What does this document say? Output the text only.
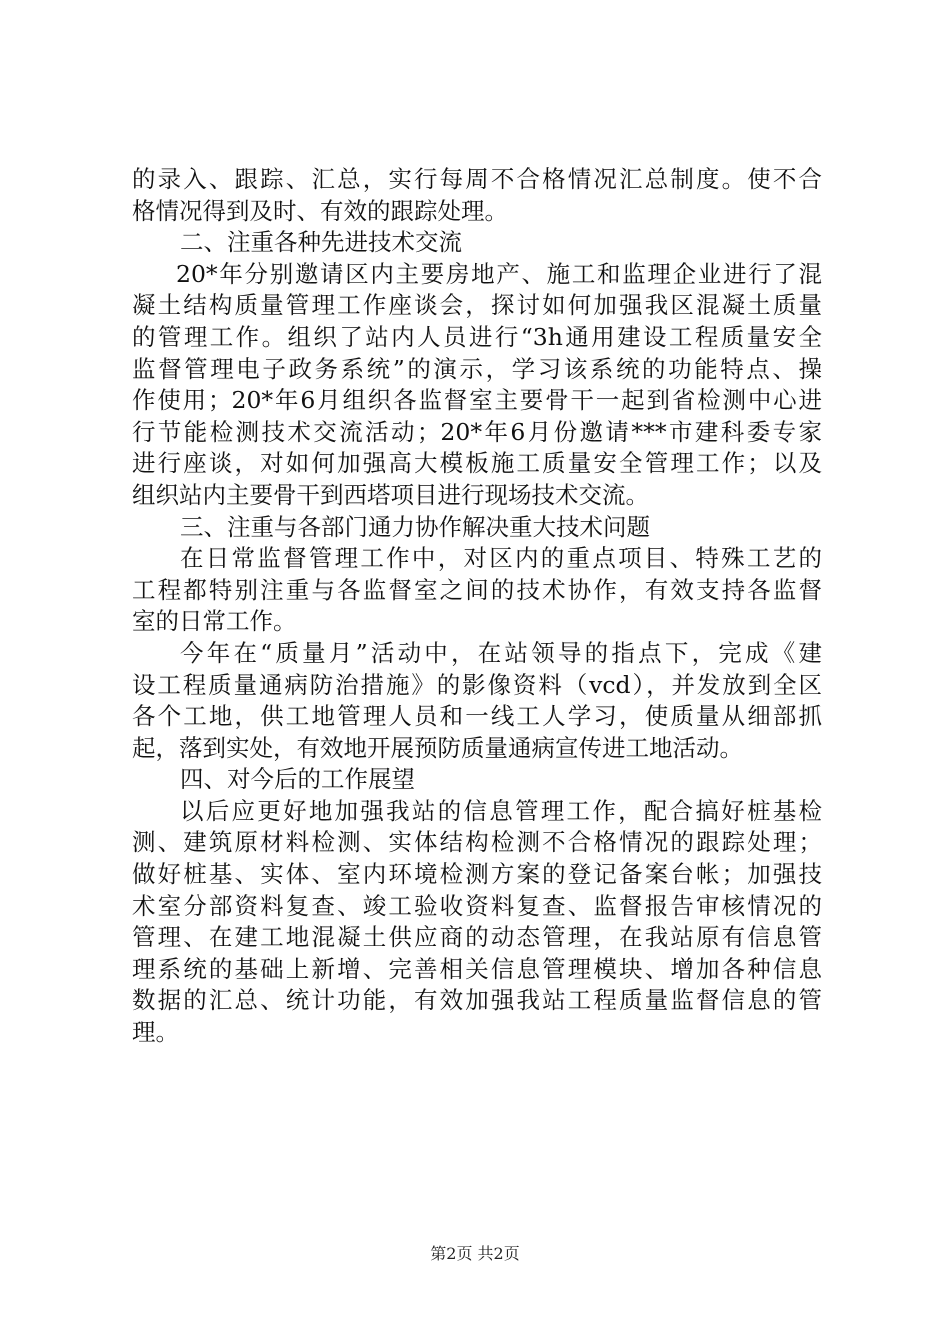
的录入、跟踪、汇总，实行每周不合格情况汇总制度。使不合
格情况得到及时、有效的跟踪处理。
二、注重各种先进技术交流
20*年分别邀请区内主要房地产、施工和监理企业进行了混
凝土结构质量管理工作座谈会，探讨如何加强我区混凝土质量
的管理工作。组织了站内人员进行“3h通用建设工程质量安全
监督管理电子政务系统”的演示，学习该系统的功能特点、操
作使用；20*年6月组织各监督室主要骨干一起到省检测中心进
行节能检测技术交流活动；20*年6月份邀请***市建科委专家
进行座谈，对如何加强高大模板施工质量安全管理工作；以及
组织站内主要骨干到西塔项目进行现场技术交流。
三、注重与各部门通力协作解决重大技术问题
在日常监督管理工作中，对区内的重点项目、特殊工艺的
工程都特别注重与各监督室之间的技术协作，有效支持各监督
室的日常工作。
今年在“质量月”活动中，在站领导的指点下，完成《建
设工程质量通病防治措施》的影像资料（vcd），并发放到全区
各个工地，供工地管理人员和一线工人学习，使质量从细部抓
起，落到实处，有效地开展预防质量通病宣传进工地活动。
四、对今后的工作展望
以后应更好地加强我站的信息管理工作，配合搞好桩基检
测、建筑原材料检测、实体结构检测不合格情况的跟踪处理；
做好桩基、实体、室内环境检测方案的登记备案台帐；加强技
术室分部资料复查、竣工验收资料复查、监督报告审核情况的
管理、在建工地混凝土供应商的动态管理，在我站原有信息管
理系统的基础上新增、完善相关信息管理模块、增加各种信息
数据的汇总、统计功能，有效加强我站工程质量监督信息的管
理。
第2页 共2页
